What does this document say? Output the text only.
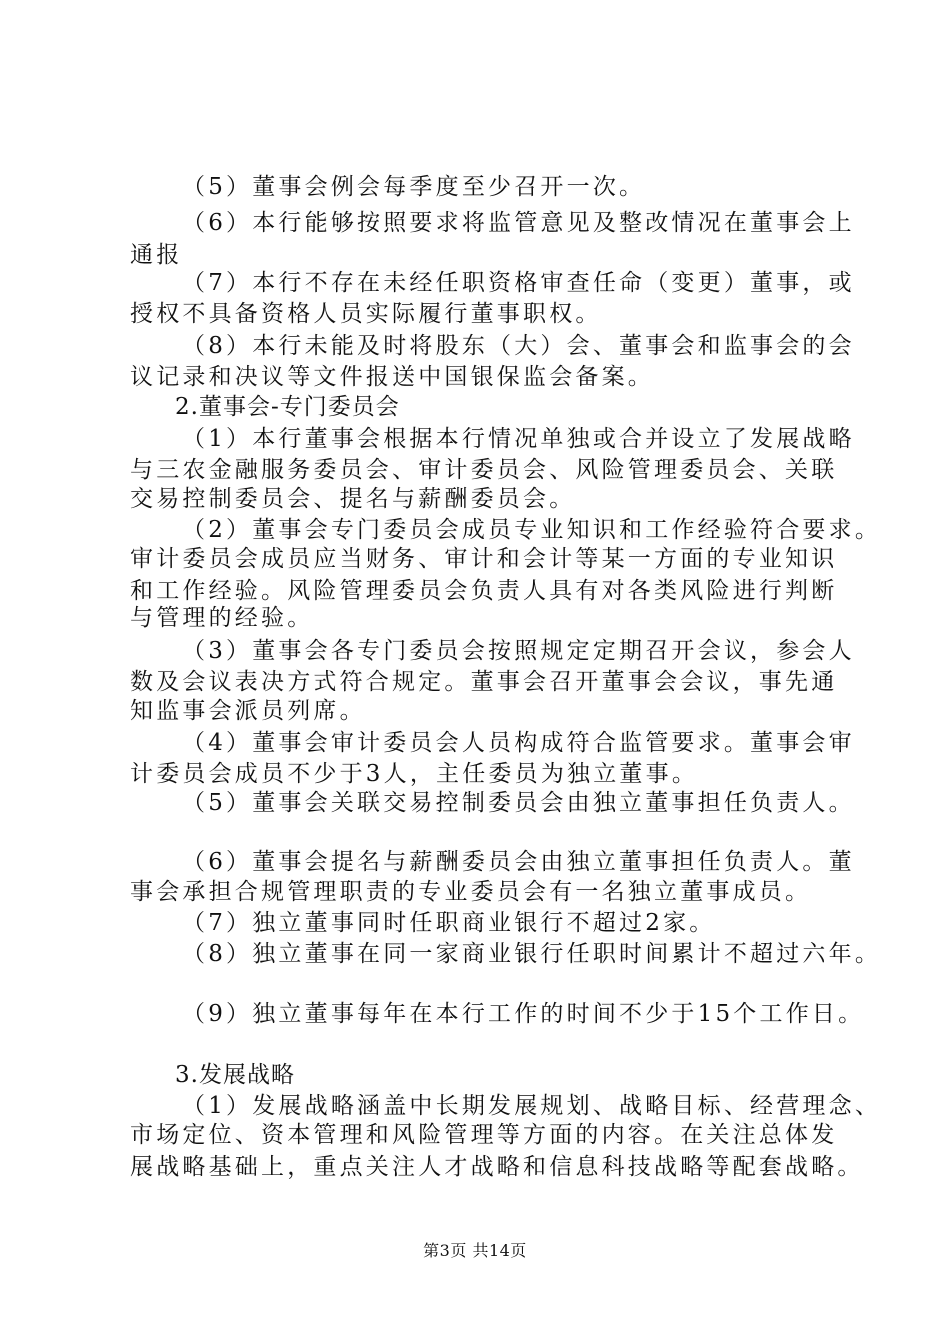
（5）董事会例会每季度至少召开一次。
（6）本行能够按照要求将监管意见及整改情况在董事会上
通报
（7）本行不存在未经任职资格审查任命（变更）董事，或
授权不具备资格人员实际履行董事职权。
（8）本行未能及时将股东（大）会、董事会和监事会的会
议记录和决议等文件报送中国银保监会备案。
2.董事会-专门委员会
（1）本行董事会根据本行情况单独或合并设立了发展战略
与三农金融服务委员会、审计委员会、风险管理委员会、关联
交易控制委员会、提名与薪酬委员会。
（2）董事会专门委员会成员专业知识和工作经验符合要求。
审计委员会成员应当财务、审计和会计等某一方面的专业知识
和工作经验。风险管理委员会负责人具有对各类风险进行判断
与管理的经验。
（3）董事会各专门委员会按照规定定期召开会议，参会人
数及会议表决方式符合规定。董事会召开董事会会议，事先通
知监事会派员列席。
（4）董事会审计委员会人员构成符合监管要求。董事会审
计委员会成员不少于3人，主任委员为独立董事。
（5）董事会关联交易控制委员会由独立董事担任负责人。
（6）董事会提名与薪酬委员会由独立董事担任负责人。董
事会承担合规管理职责的专业委员会有一名独立董事成员。
（7）独立董事同时任职商业银行不超过2家。
（8）独立董事在同一家商业银行任职时间累计不超过六年。
（9）独立董事每年在本行工作的时间不少于15个工作日。
3.发展战略
（1）发展战略涵盖中长期发展规划、战略目标、经营理念、
市场定位、资本管理和风险管理等方面的内容。在关注总体发
展战略基础上，重点关注人才战略和信息科技战略等配套战略。
第3页 共14页
